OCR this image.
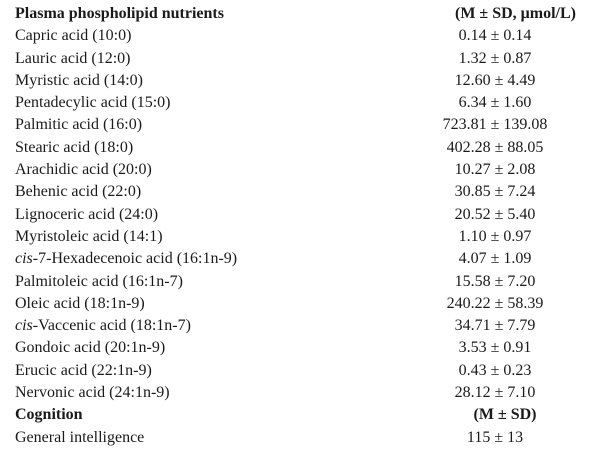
Plasma phospholipid nutrients	(M ± SD, μmol/L)
Capric acid (10:0)	0.14 ± 0.14
Lauric acid (12:0)	1.32 ± 0.87
Myristic acid (14:0)	12.60 ± 4.49
Pentadecylic acid (15:0)	6.34 ± 1.60
Palmitic acid (16:0)	723.81 ± 139.08
Stearic acid (18:0)	402.28 ± 88.05
Arachidic acid (20:0)	10.27 ± 2.08
Behenic acid (22:0)	30.85 ± 7.24
Lignoceric acid (24:0)	20.52 ± 5.40
Myristoleic acid (14:1)	1.10 ± 0.97
cis-7-Hexadecenoic acid (16:1n-9)	4.07 ± 1.09
Palmitoleic acid (16:1n-7)	15.58 ± 7.20
Oleic acid (18:1n-9)	240.22 ± 58.39
cis-Vaccenic acid (18:1n-7)	34.71 ± 7.79
Gondoic acid (20:1n-9)	3.53 ± 0.91
Erucic acid (22:1n-9)	0.43 ± 0.23
Nervonic acid (24:1n-9)	28.12 ± 7.10
Cognition	(M ± SD)
General intelligence	115 ± 13
